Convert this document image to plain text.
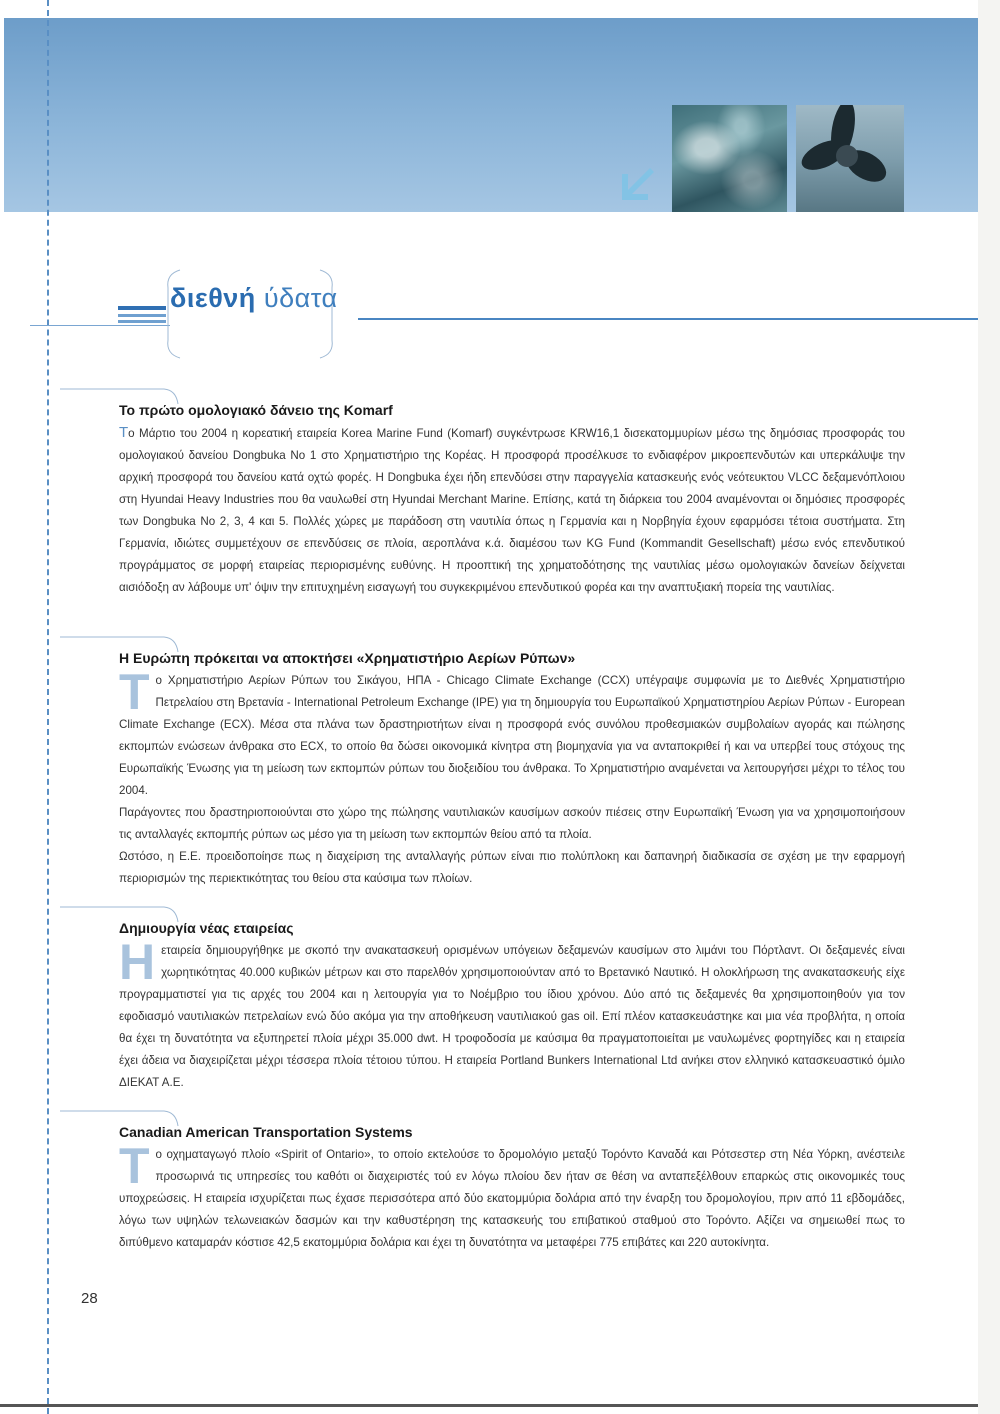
διεθνή ύδατα
Το πρώτο ομολογιακό δάνειο της Komarf

Το Μάρτιο του 2004 η κορεατική εταιρεία Korea Marine Fund (Komarf) συγκέντρωσε KRW16,1 δισεκατομμυρίων μέσω της δημόσιας προσφοράς του ομολογιακού δανείου Dongbuka No 1 στο Χρηματιστήριο της Κορέας. Η προσφορά προσέλκυσε το ενδιαφέρον μικροεπενδυτών και υπερκάλυψε την αρχική προσφορά του δανείου κατά οχτώ φορές. Η Dongbuka έχει ήδη επενδύσει στην παραγγελία κατασκευής ενός νεότευκτου VLCC δεξαμενόπλοιου στη Hyundai Heavy Industries που θα ναυλωθεί στη Hyundai Merchant Marine. Επίσης, κατά τη διάρκεια του 2004 αναμένονται οι δημόσιες προσφορές των Dongbuka No 2, 3, 4 και 5. Πολλές χώρες με παράδοση στη ναυτιλία όπως η Γερμανία και η Νορβηγία έχουν εφαρμόσει τέτοια συστήματα. Στη Γερμανία, ιδιώτες συμμετέχουν σε επενδύσεις σε πλοία, αεροπλάνα κ.ά. διαμέσου των KG Fund (Kommandit Gesellschaft) μέσω ενός επενδυτικού προγράμματος σε μορφή εταιρείας περιορισμένης ευθύνης. Η προοπτική της χρηματοδότησης της ναυτιλίας μέσω ομολογιακών δανείων δείχνεται αισιόδοξη αν λάβουμε υπ' όψιν την επιτυχημένη εισαγωγή του συγκεκριμένου επενδυτικού φορέα και την αναπτυξιακή πορεία της ναυτιλίας.

Η Ευρώπη πρόκειται να αποκτήσει «Χρηματιστήριο Αερίων Ρύπων»

Το Χρηματιστήριο Αερίων Ρύπων του Σικάγου, ΗΠΑ - Chicago Climate Exchange (CCX) υπέγραψε συμφωνία με το Διεθνές Χρηματιστήριο Πετρελαίου στη Βρετανία - International Petroleum Exchange (IPE) για τη δημιουργία του Ευρωπαϊκού Χρηματιστηρίου Αερίων Ρύπων - European Climate Exchange (ECX). Μέσα στα πλάνα των δραστηριοτήτων είναι η προσφορά ενός συνόλου προθεσμιακών συμβολαίων αγοράς και πώλησης εκπομπών ενώσεων άνθρακα στο ECX, το οποίο θα δώσει οικονομικά κίνητρα στη βιομηχανία για να ανταποκριθεί ή και να υπερβεί τους στόχους της Ευρωπαϊκής Ένωσης για τη μείωση των εκπομπών ρύπων του διοξειδίου του άνθρακα. Το Χρηματιστήριο αναμένεται να λειτουργήσει μέχρι το τέλος του 2004.

Παράγοντες που δραστηριοποιούνται στο χώρο της πώλησης ναυτιλιακών καυσίμων ασκούν πιέσεις στην Ευρωπαϊκή Ένωση για να χρησιμοποιήσουν τις ανταλλαγές εκπομπής ρύπων ως μέσο για τη μείωση των εκπομπών θείου από τα πλοία.

Ωστόσο, η Ε.Ε. προειδοποίησε πως η διαχείριση της ανταλλαγής ρύπων είναι πιο πολύπλοκη και δαπανηρή διαδικασία σε σχέση με την εφαρμογή περιορισμών της περιεκτικότητας του θείου στα καύσιμα των πλοίων.

Δημιουργία νέας εταιρείας

Ηεταιρεία δημιουργήθηκε με σκοπό την ανακατασκευή ορισμένων υπόγειων δεξαμενών καυσίμων στο λιμάνι του Πόρτλαντ. Οι δεξαμενές είναι χωρητικότητας 40.000 κυβικών μέτρων και στο παρελθόν χρησιμοποιούνταν από το Βρετανικό Ναυτικό. Η ολοκλήρωση της ανακατασκευής είχε προγραμματιστεί για τις αρχές του 2004 και η λειτουργία για το Νοέμβριο του ίδιου χρόνου. Δύο από τις δεξαμενές θα χρησιμοποιηθούν για τον εφοδιασμό ναυτιλιακών πετρελαίων ενώ δύο ακόμα για την αποθήκευση ναυτιλιακού gas oil. Επί πλέον κατασκευάστηκε και μια νέα προβλήτα, η οποία θα έχει τη δυνατότητα να εξυπηρετεί πλοία μέχρι 35.000 dwt. Η τροφοδοσία με καύσιμα θα πραγματοποιείται με ναυλωμένες φορτηγίδες και η εταιρεία έχει άδεια να διαχειρίζεται μέχρι τέσσερα πλοία τέτοιου τύπου. Η εταιρεία Portland Bunkers International Ltd ανήκει στον ελληνικό κατασκευαστικό όμιλο ΔΙΕΚΑΤ Α.Ε.

Canadian American Transportation Systems

Το οχηματαγωγό πλοίο «Spirit of Ontario», το οποίο εκτελούσε το δρομολόγιο μεταξύ Τορόντο Καναδά και Ρότσεστερ στη Νέα Υόρκη, ανέστειλε προσωρινά τις υπηρεσίες του καθότι οι διαχειριστές τού εν λόγω πλοίου δεν ήταν σε θέση να ανταπεξέλθουν επαρκώς στις οικονομικές τους υποχρεώσεις. Η εταιρεία ισχυρίζεται πως έχασε περισσότερα από δύο εκατομμύρια δολάρια από την έναρξη του δρομολογίου, πριν από 11 εβδομάδες, λόγω των υψηλών τελωνειακών δασμών και την καθυστέρηση της κατασκευής του επιβατικού σταθμού στο Τορόντο. Αξίζει να σημειωθεί πως το διπύθμενο καταμαράν κόστισε 42,5 εκατομμύρια δολάρια και έχει τη δυνατότητα να μεταφέρει 775 επιβάτες και 220 αυτοκίνητα.

28
